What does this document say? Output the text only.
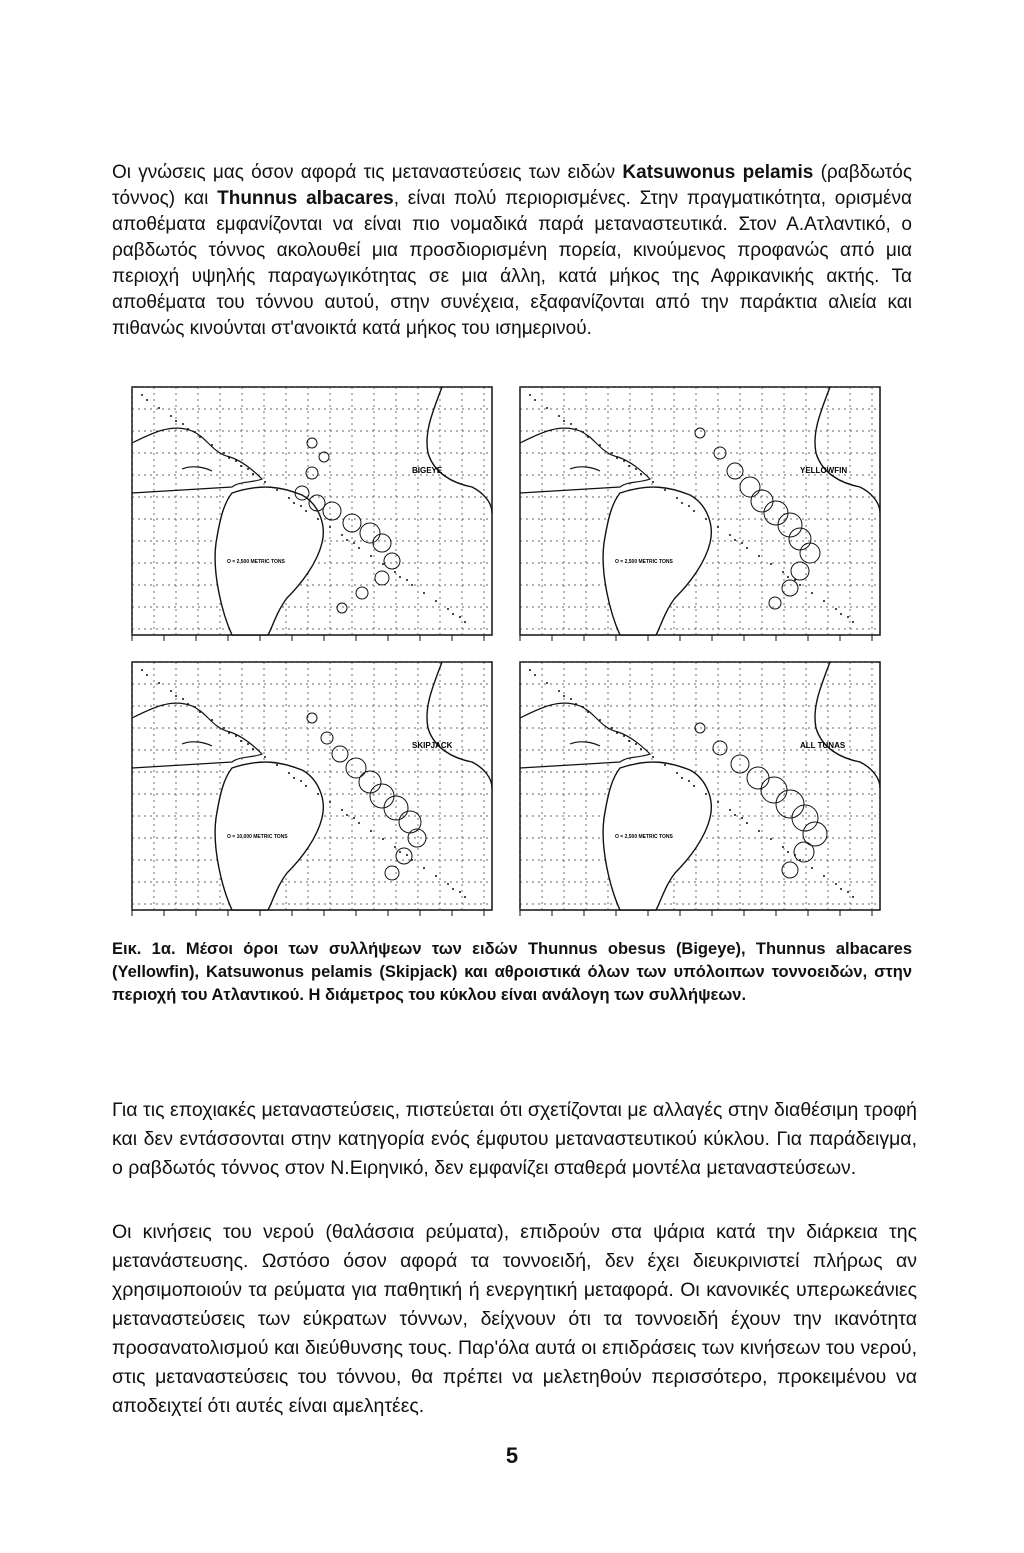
Οι γνώσεις μας όσον αφορά τις μεταναστεύσεις των ειδών Katsuwonus pelamis (ραβδωτός τόννος) και Thunnus albacares, είναι πολύ περιορισμένες. Στην πραγματικότητα, ορισμένα αποθέματα εμφανίζονται να είναι πιο νομαδικά παρά μεταναστευτικά. Στον Α.Ατλαντικό, ο ραβδωτός τόννος ακολουθεί μια προσδιορισμένη πορεία, κινούμενος προφανώς από μια περιοχή υψηλής παραγωγικότητας σε μια άλλη, κατά μήκος της Αφρικανικής ακτής. Τα αποθέματα του τόννου αυτού, στην συνέχεια, εξαφανίζονται από την παράκτια αλιεία και πιθανώς κινούνται στ'ανοικτά κατά μήκος του ισημερινού.

BIGEYE
O = 2,500 METRIC TONS
YELLOWFIN
O = 2,500 METRIC TONS
SKIPJACK
O = 10,000 METRIC TONS
ALL TUNAS
O = 2,500 METRIC TONS

Εικ. 1α. Μέσοι όροι των συλλήψεων των ειδών Thunnus obesus (Bigeye), Thunnus albacares (Yellowfin), Katsuwonus pelamis (Skipjack) και αθροιστικά όλων των υπόλοιπων τοννοειδών, στην περιοχή του Ατλαντικού. Η διάμετρος του κύκλου είναι ανάλογη των συλλήψεων.

Για τις εποχιακές μεταναστεύσεις, πιστεύεται ότι σχετίζονται με αλλαγές στην διαθέσιμη τροφή και δεν εντάσσονται στην κατηγορία ενός έμφυτου μεταναστευτικού κύκλου. Για παράδειγμα, ο ραβδωτός τόννος στον Ν.Ειρηνικό, δεν εμφανίζει σταθερά μοντέλα μεταναστεύσεων.

Οι κινήσεις του νερού (θαλάσσια ρεύματα), επιδρούν στα ψάρια κατά την διάρκεια της μετανάστευσης. Ωστόσο όσον αφορά τα τοννοειδή, δεν έχει διευκρινιστεί πλήρως αν χρησιμοποιούν τα ρεύματα για παθητική ή ενεργητική μεταφορά. Οι κανονικές υπερωκεάνιες μεταναστεύσεις των εύκρατων τόννων, δείχνουν ότι τα τοννοειδή έχουν την ικανότητα προσανατολισμού και διεύθυνσης τους. Παρ'όλα αυτά οι επιδράσεις των κινήσεων του νερού, στις μεταναστεύσεις του τόννου, θα πρέπει να μελετηθούν περισσότερο, προκειμένου να αποδειχτεί ότι αυτές είναι αμελητέες.

5
